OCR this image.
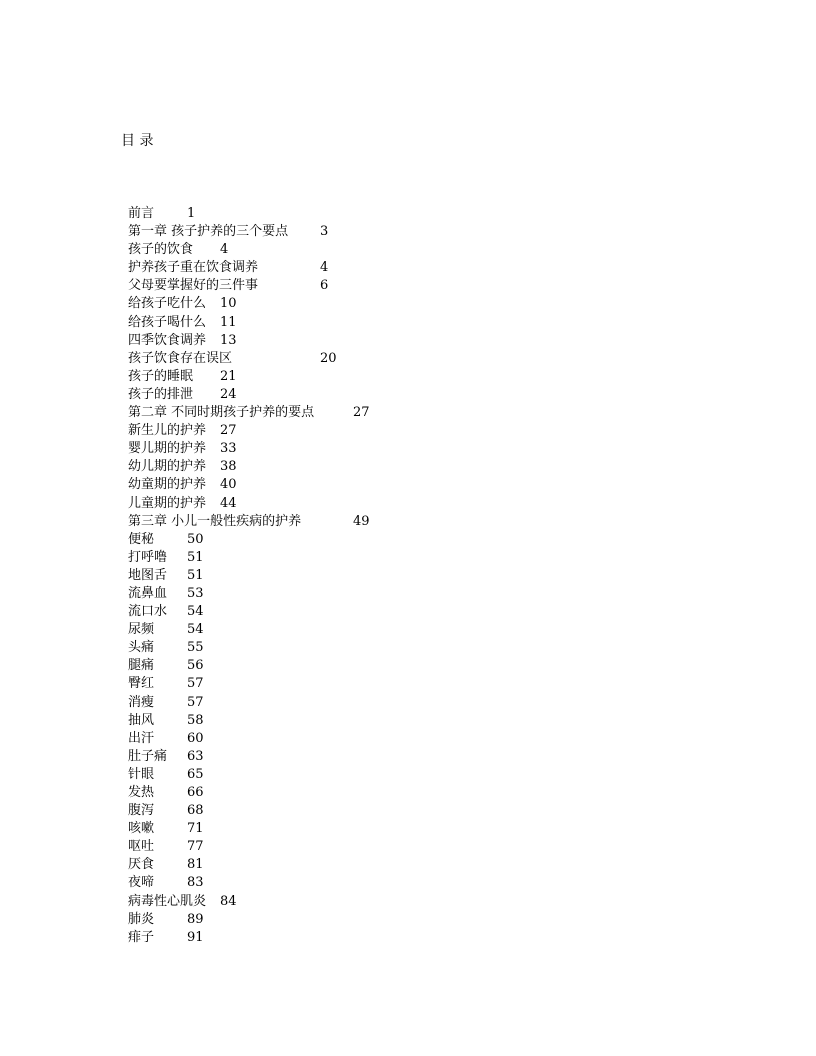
目 录
前言	1
第一章 孩子护养的三个要点 3
孩子的饮食 4
护养孩子重在饮食调养	4
父母要掌握好的三件事	6
给孩子吃什么 10
给孩子喝什么 11
四季饮食调养 13
孩子饮食存在误区	20
孩子的睡眠 21
孩子的排泄 24
第二章 不同时期孩子护养的要点	27
新生儿的护养 27
婴儿期的护养 33
幼儿期的护养 38
幼童期的护养 40
儿童期的护养 44
第三章 小儿一般性疾病的护养	49
便秘	50
打呼噜 51
地图舌 51
流鼻血 53
流口水 54
尿频	54
头痛	55
腿痛	56
臀红	57
消瘦	57
抽风	58
出汗	60
肚子痛 63
针眼	65
发热	66
腹泻	68
咳嗽	71
呕吐	77
厌食	81
夜啼	83
病毒性心肌炎 84
肺炎	89
痱子	91
